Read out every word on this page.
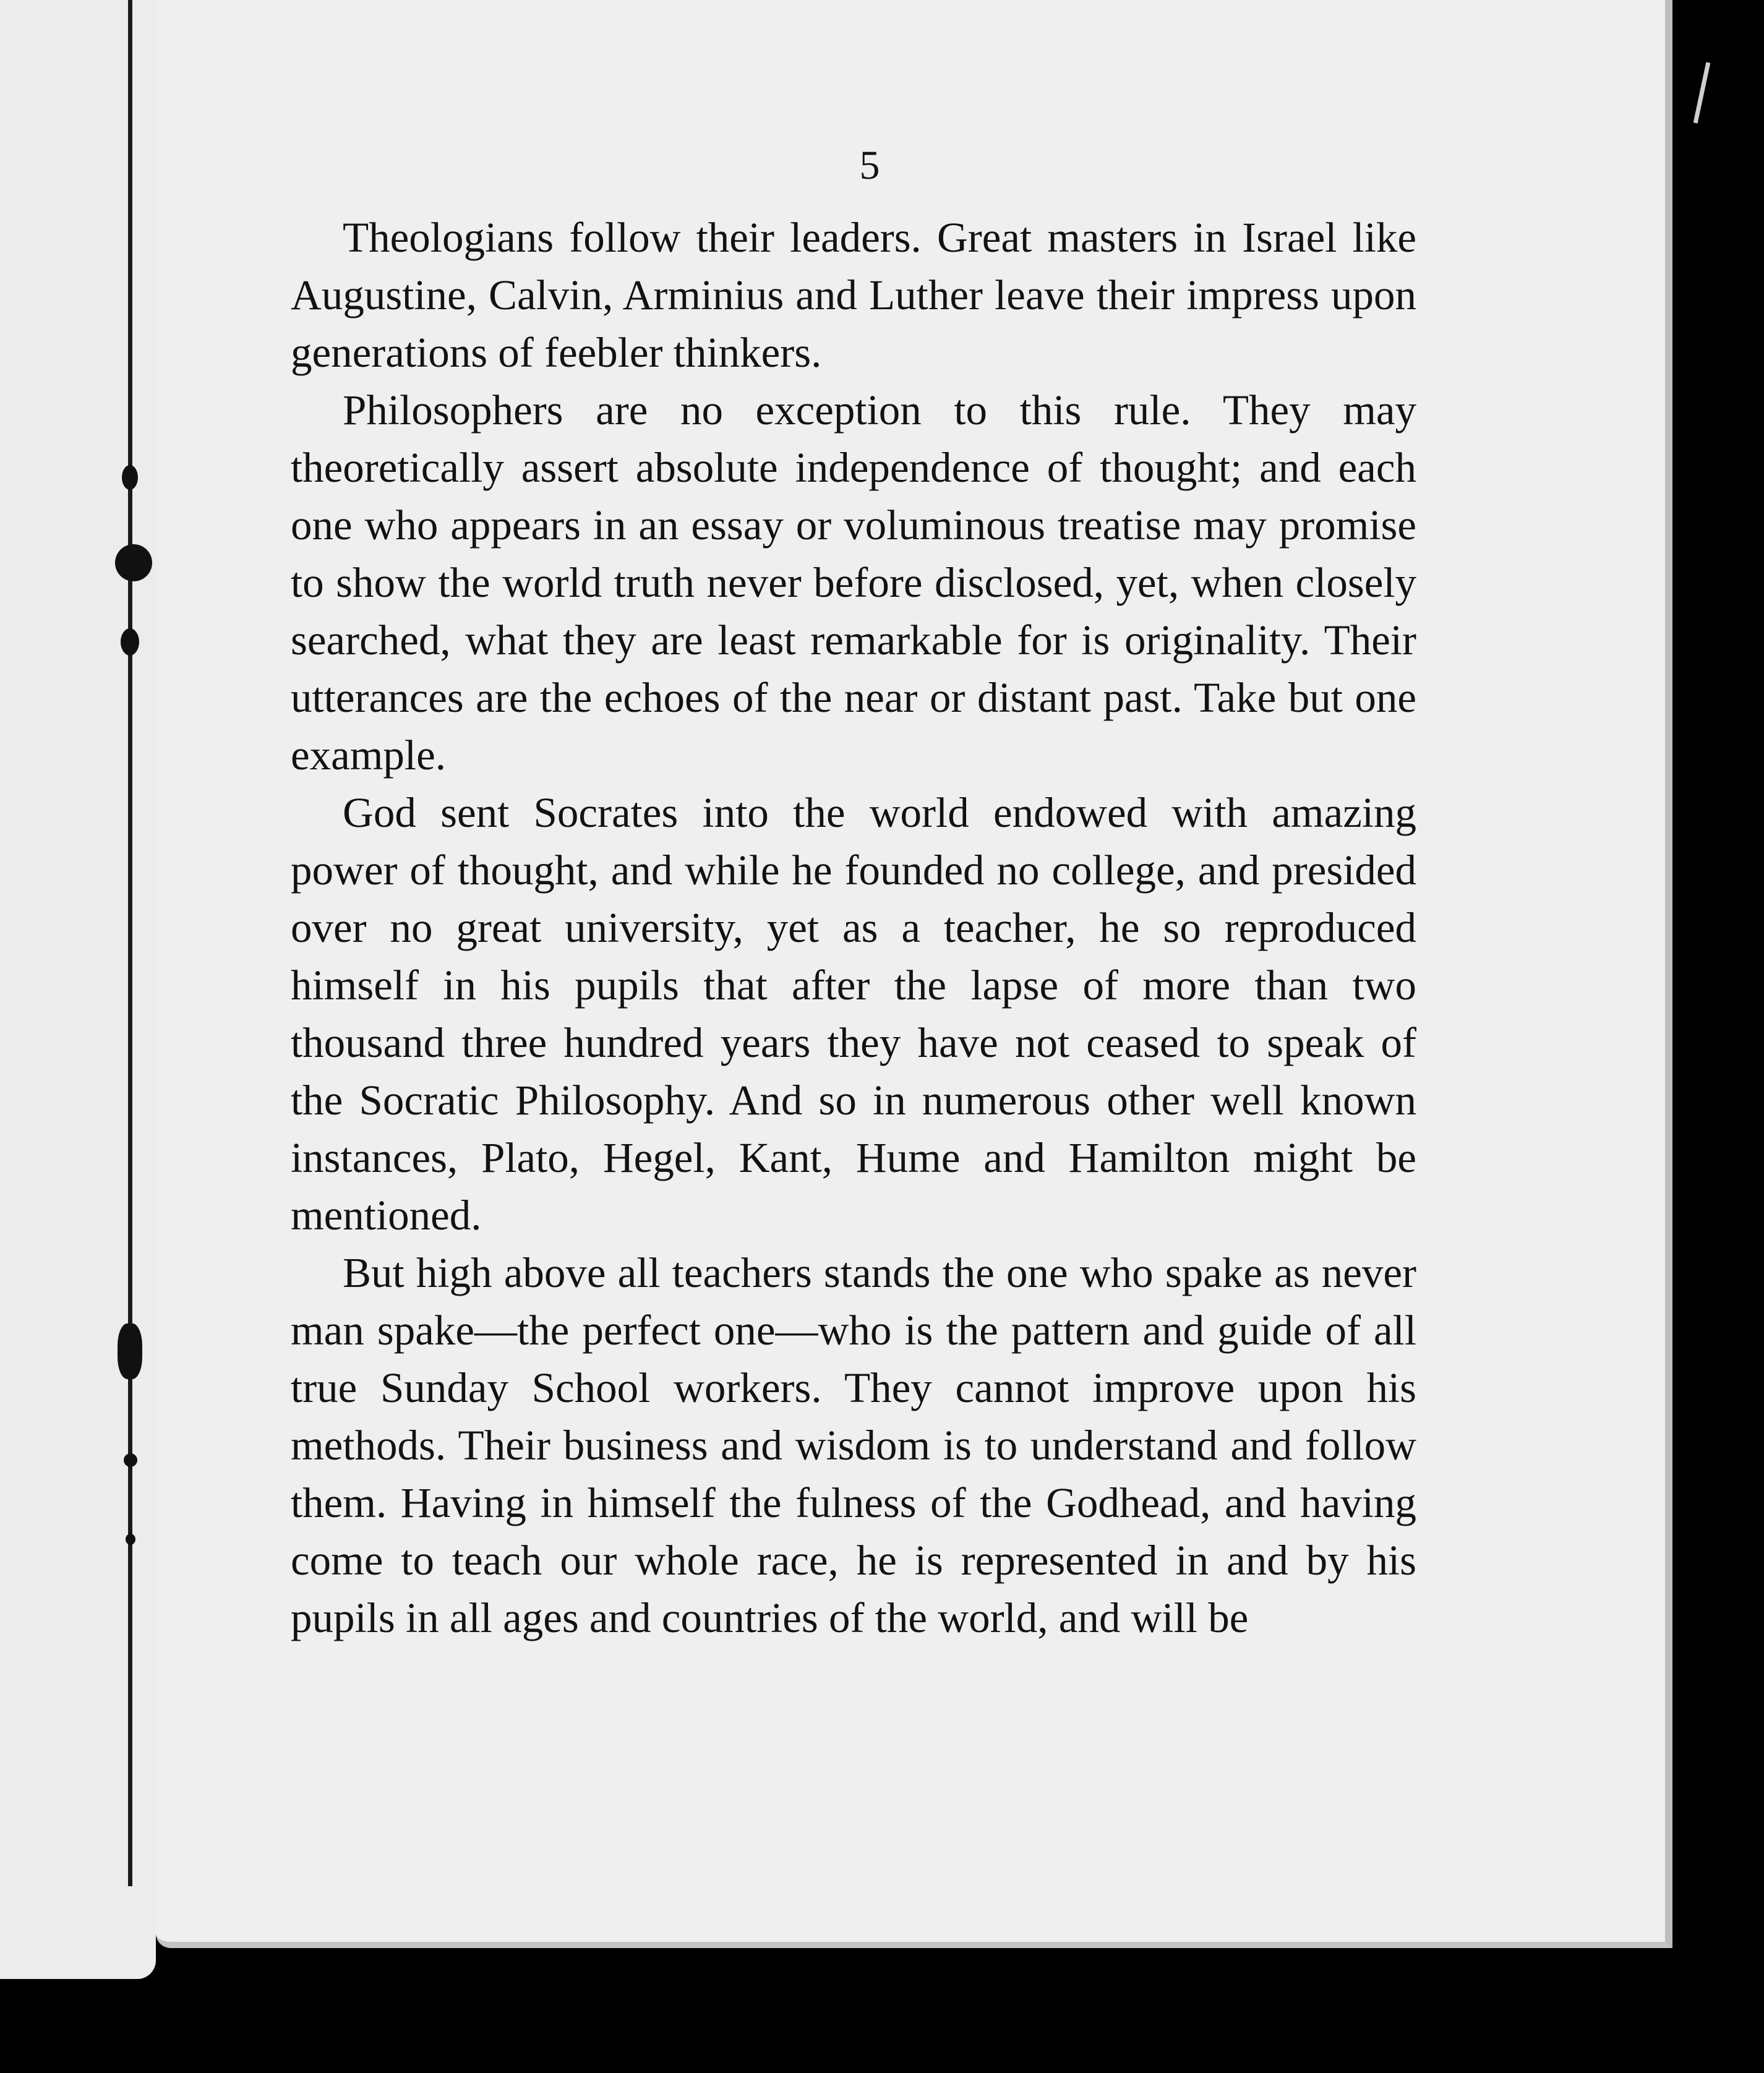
5

Theologians follow their leaders. Great masters in Israel like Augustine, Calvin, Arminius and Luther leave their impress upon generations of feebler thinkers.

Philosophers are no exception to this rule. They may theoretically assert absolute independence of thought; and each one who appears in an essay or voluminous treatise may promise to show the world truth never before disclosed, yet, when closely searched, what they are least remarkable for is originality. Their utterances are the echoes of the near or distant past. Take but one example.

God sent Socrates into the world endowed with amazing power of thought, and while he founded no college, and presided over no great university, yet as a teacher, he so reproduced himself in his pupils that after the lapse of more than two thousand three hundred years they have not ceased to speak of the Socratic Philosophy. And so in numerous other well known instances, Plato, Hegel, Kant, Hume and Hamilton might be mentioned.

But high above all teachers stands the one who spake as never man spake—the perfect one—who is the pattern and guide of all true Sunday School workers. They cannot improve upon his methods. Their business and wisdom is to understand and follow them. Having in himself the fulness of the Godhead, and having come to teach our whole race, he is represented in and by his pupils in all ages and countries of the world, and will be
